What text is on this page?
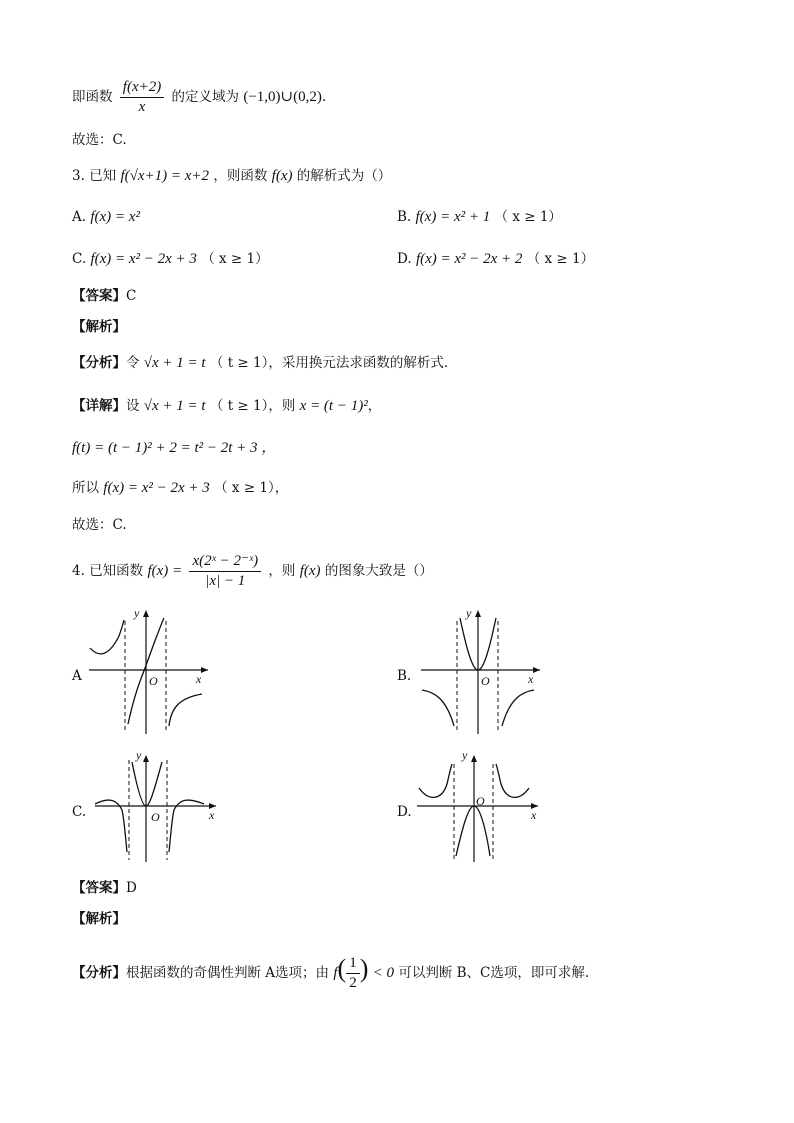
即函数 $\frac{f(x+2)}{x}$ 的定义域为 (−1,0)∪(0,2).
故选：C.
3. 已知 f(√x+1) = x+2 ，则函数 f(x) 的解析式为（）
A. f(x) = x²	B. f(x) = x² + 1 （ x ≥ 1）
C. f(x) = x² − 2x + 3 （ x ≥ 1）	D. f(x) = x² − 2x + 2 （ x ≥ 1）
【答案】C
【解析】
【分析】令 √x + 1 = t （ t ≥ 1），采用换元法求函数的解析式.
【详解】设 √x + 1 = t （ t ≥ 1），则 x = (t − 1)²，
f(t) = (t − 1)² + 2 = t² − 2t + 3 ，
所以 f(x) = x² − 2x + 3 （ x ≥ 1），
故选：C.
4. 已知函数 $f(x) = \frac{\text{x(2ˣ − 2⁻ˣ)}}{|x| - 1}$ ，则 f(x) 的图象大致是（）
A
y
x
O	B.
y
x
O
C.
y
x
O	D.
y
x
O
【答案】D
【解析】
【分析】根据函数的奇偶性判断 A选项；由 $f( \frac{1}{2}$ ) < 0 可以判断 B、C选项，即可求解.
